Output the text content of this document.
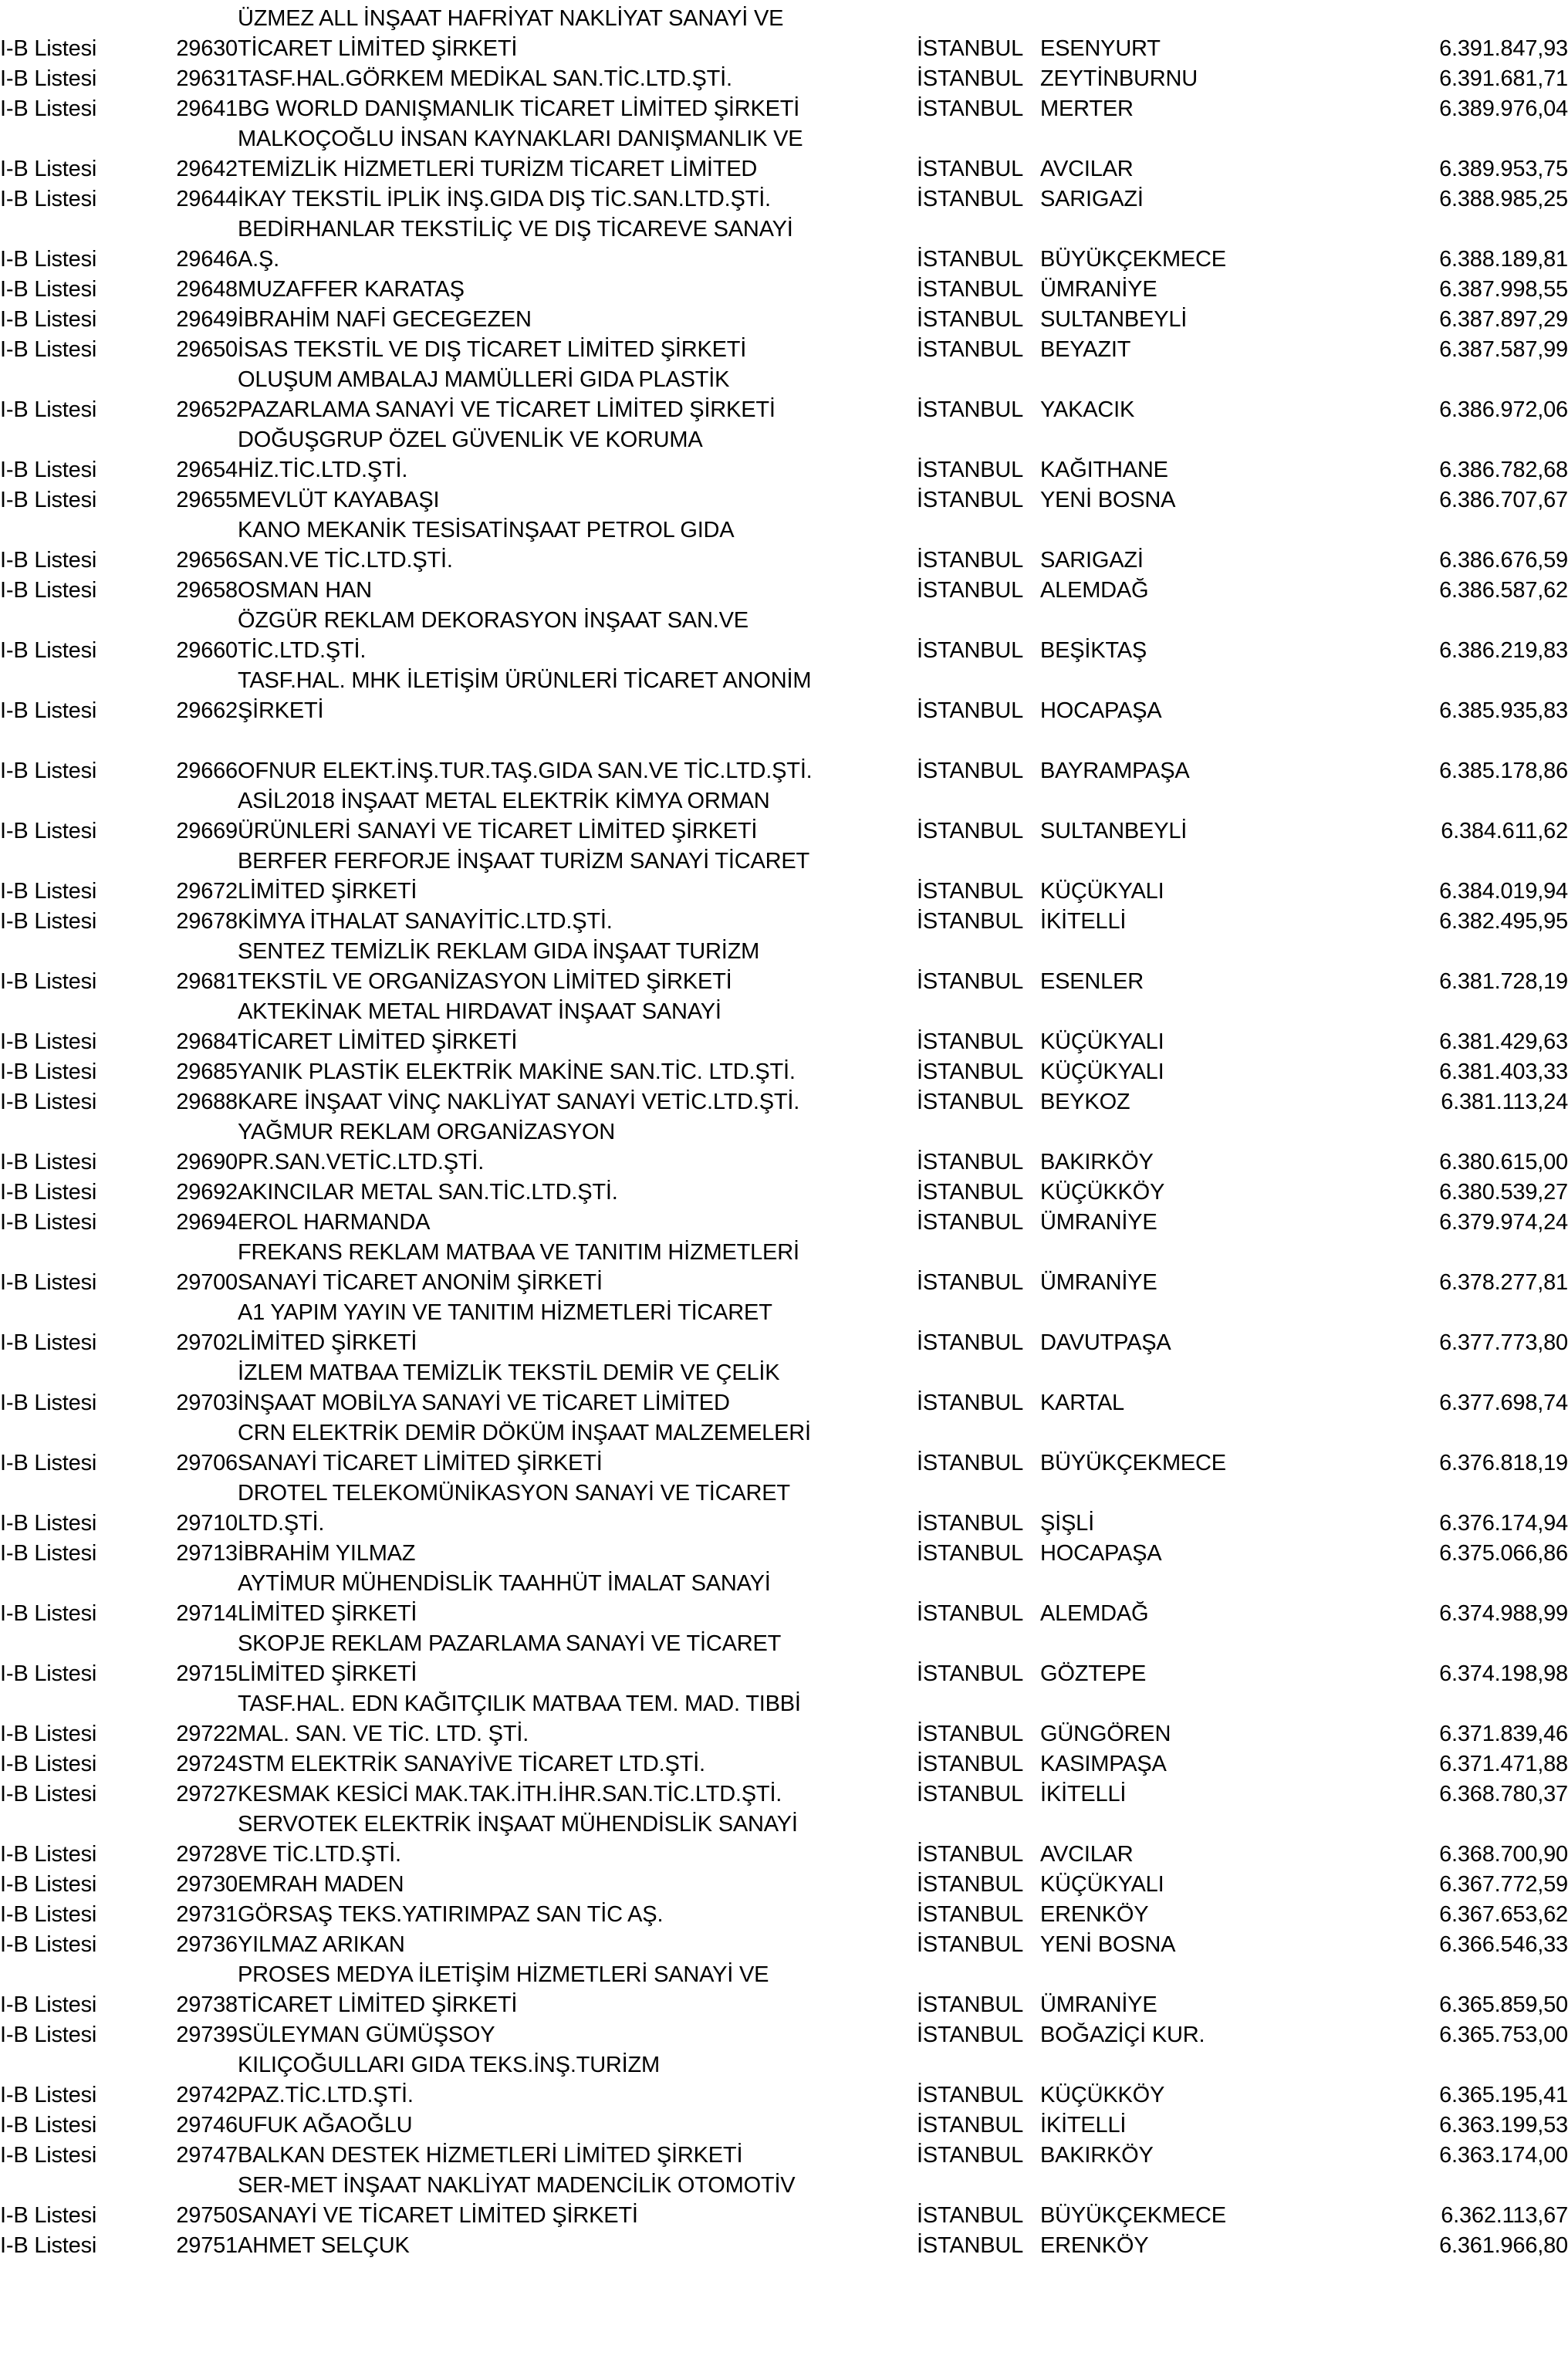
		ÜZMEZ ALL İNŞAAT HAFRİYAT NAKLİYAT SANAYİ VE			
I-B Listesi	29630	TİCARET LİMİTED ŞİRKETİ	İSTANBUL	ESENYURT	6.391.847,93
I-B Listesi	29631	TASF.HAL.GÖRKEM MEDİKAL SAN.TİC.LTD.ŞTİ.	İSTANBUL	ZEYTİNBURNU	6.391.681,71
I-B Listesi	29641	BG WORLD DANIŞMANLIK TİCARET LİMİTED ŞİRKETİ	İSTANBUL	MERTER	6.389.976,04
		MALKOÇOĞLU İNSAN KAYNAKLARI DANIŞMANLIK VE			
I-B Listesi	29642	TEMİZLİK HİZMETLERİ TURİZM TİCARET LİMİTED	İSTANBUL	AVCILAR	6.389.953,75
I-B Listesi	29644	İKAY TEKSTİL İPLİK İNŞ.GIDA DIŞ TİC.SAN.LTD.ŞTİ.	İSTANBUL	SARIGAZİ	6.388.985,25
		BEDİRHANLAR TEKSTİLİÇ VE DIŞ TİCAREVE SANAYİ			
I-B Listesi	29646	A.Ş.	İSTANBUL	BÜYÜKÇEKMECE	6.388.189,81
I-B Listesi	29648	MUZAFFER KARATAŞ	İSTANBUL	ÜMRANİYE	6.387.998,55
I-B Listesi	29649	İBRAHİM NAFİ GECEGEZEN	İSTANBUL	SULTANBEYLİ	6.387.897,29
I-B Listesi	29650	İSAS TEKSTİL VE DIŞ TİCARET LİMİTED ŞİRKETİ	İSTANBUL	BEYAZIT	6.387.587,99
		OLUŞUM AMBALAJ MAMÜLLERİ GIDA PLASTİK			
I-B Listesi	29652	PAZARLAMA SANAYİ VE TİCARET LİMİTED ŞİRKETİ	İSTANBUL	YAKACIK	6.386.972,06
		DOĞUŞGRUP ÖZEL GÜVENLİK VE KORUMA			
I-B Listesi	29654	HİZ.TİC.LTD.ŞTİ.	İSTANBUL	KAĞITHANE	6.386.782,68
I-B Listesi	29655	MEVLÜT KAYABAŞI	İSTANBUL	YENİ BOSNA	6.386.707,67
		KANO MEKANİK TESİSATİNŞAAT PETROL GIDA			
I-B Listesi	29656	SAN.VE TİC.LTD.ŞTİ.	İSTANBUL	SARIGAZİ	6.386.676,59
I-B Listesi	29658	OSMAN HAN	İSTANBUL	ALEMDAĞ	6.386.587,62
		ÖZGÜR REKLAM DEKORASYON İNŞAAT SAN.VE			
I-B Listesi	29660	TİC.LTD.ŞTİ.	İSTANBUL	BEŞİKTAŞ	6.386.219,83
		TASF.HAL. MHK İLETİŞİM ÜRÜNLERİ TİCARET ANONİM			
I-B Listesi	29662	ŞİRKETİ	İSTANBUL	HOCAPAŞA	6.385.935,83

I-B Listesi	29666	OFNUR ELEKT.İNŞ.TUR.TAŞ.GIDA SAN.VE TİC.LTD.ŞTİ.	İSTANBUL	BAYRAMPAŞA	6.385.178,86
		ASİL2018 İNŞAAT METAL ELEKTRİK KİMYA ORMAN			
I-B Listesi	29669	ÜRÜNLERİ SANAYİ VE TİCARET LİMİTED ŞİRKETİ	İSTANBUL	SULTANBEYLİ	6.384.611,62
		BERFER FERFORJE İNŞAAT TURİZM SANAYİ TİCARET			
I-B Listesi	29672	LİMİTED ŞİRKETİ	İSTANBUL	KÜÇÜKYALI	6.384.019,94
I-B Listesi	29678	KİMYA İTHALAT SANAYİTİC.LTD.ŞTİ.	İSTANBUL	İKİTELLİ	6.382.495,95
		SENTEZ TEMİZLİK REKLAM GIDA İNŞAAT TURİZM			
I-B Listesi	29681	TEKSTİL VE ORGANİZASYON LİMİTED ŞİRKETİ	İSTANBUL	ESENLER	6.381.728,19
		AKTEKİNAK METAL HIRDAVAT İNŞAAT SANAYİ			
I-B Listesi	29684	TİCARET LİMİTED ŞİRKETİ	İSTANBUL	KÜÇÜKYALI	6.381.429,63
I-B Listesi	29685	YANIK PLASTİK ELEKTRİK MAKİNE SAN.TİC. LTD.ŞTİ.	İSTANBUL	KÜÇÜKYALI	6.381.403,33
I-B Listesi	29688	KARE İNŞAAT VİNÇ NAKLİYAT SANAYİ VETİC.LTD.ŞTİ.	İSTANBUL	BEYKOZ	6.381.113,24
		YAĞMUR REKLAM ORGANİZASYON			
I-B Listesi	29690	PR.SAN.VETİC.LTD.ŞTİ.	İSTANBUL	BAKIRKÖY	6.380.615,00
I-B Listesi	29692	AKINCILAR METAL SAN.TİC.LTD.ŞTİ.	İSTANBUL	KÜÇÜKKÖY	6.380.539,27
I-B Listesi	29694	EROL HARMANDA	İSTANBUL	ÜMRANİYE	6.379.974,24
		FREKANS REKLAM MATBAA VE TANITIM HİZMETLERİ			
I-B Listesi	29700	SANAYİ TİCARET ANONİM ŞİRKETİ	İSTANBUL	ÜMRANİYE	6.378.277,81
		A1 YAPIM YAYIN VE TANITIM HİZMETLERİ TİCARET			
I-B Listesi	29702	LİMİTED ŞİRKETİ	İSTANBUL	DAVUTPAŞA	6.377.773,80
		İZLEM MATBAA TEMİZLİK TEKSTİL DEMİR VE ÇELİK			
I-B Listesi	29703	İNŞAAT MOBİLYA SANAYİ VE TİCARET LİMİTED	İSTANBUL	KARTAL	6.377.698,74
		CRN ELEKTRİK DEMİR DÖKÜM İNŞAAT MALZEMELERİ			
I-B Listesi	29706	SANAYİ TİCARET LİMİTED ŞİRKETİ	İSTANBUL	BÜYÜKÇEKMECE	6.376.818,19
		DROTEL TELEKOMÜNİKASYON SANAYİ VE TİCARET			
I-B Listesi	29710	LTD.ŞTİ.	İSTANBUL	ŞİŞLİ	6.376.174,94
I-B Listesi	29713	İBRAHİM YILMAZ	İSTANBUL	HOCAPAŞA	6.375.066,86
		AYTİMUR MÜHENDİSLİK TAAHHÜT İMALAT SANAYİ			
I-B Listesi	29714	LİMİTED ŞİRKETİ	İSTANBUL	ALEMDAĞ	6.374.988,99
		SKOPJE REKLAM PAZARLAMA SANAYİ VE TİCARET			
I-B Listesi	29715	LİMİTED ŞİRKETİ	İSTANBUL	GÖZTEPE	6.374.198,98
		TASF.HAL. EDN KAĞITÇILIK MATBAA TEM. MAD. TIBBİ			
I-B Listesi	29722	MAL. SAN. VE TİC. LTD. ŞTİ.	İSTANBUL	GÜNGÖREN	6.371.839,46
I-B Listesi	29724	STM ELEKTRİK SANAYİVE TİCARET LTD.ŞTİ.	İSTANBUL	KASIMPAŞA	6.371.471,88
I-B Listesi	29727	KESMAK KESİCİ MAK.TAK.İTH.İHR.SAN.TİC.LTD.ŞTİ.	İSTANBUL	İKİTELLİ	6.368.780,37
		SERVOTEK ELEKTRİK İNŞAAT MÜHENDİSLİK SANAYİ			
I-B Listesi	29728	VE TİC.LTD.ŞTİ.	İSTANBUL	AVCILAR	6.368.700,90
I-B Listesi	29730	EMRAH MADEN	İSTANBUL	KÜÇÜKYALI	6.367.772,59
I-B Listesi	29731	GÖRSAŞ TEKS.YATIRIMPAZ SAN TİC AŞ.	İSTANBUL	ERENKÖY	6.367.653,62
I-B Listesi	29736	YILMAZ ARIKAN	İSTANBUL	YENİ BOSNA	6.366.546,33
		PROSES MEDYA İLETİŞİM HİZMETLERİ SANAYİ VE			
I-B Listesi	29738	TİCARET LİMİTED ŞİRKETİ	İSTANBUL	ÜMRANİYE	6.365.859,50
I-B Listesi	29739	SÜLEYMAN GÜMÜŞSOY	İSTANBUL	BOĞAZİÇİ KUR.	6.365.753,00
		KILIÇOĞULLARI GIDA TEKS.İNŞ.TURİZM			
I-B Listesi	29742	PAZ.TİC.LTD.ŞTİ.	İSTANBUL	KÜÇÜKKÖY	6.365.195,41
I-B Listesi	29746	UFUK AĞAOĞLU	İSTANBUL	İKİTELLİ	6.363.199,53
I-B Listesi	29747	BALKAN DESTEK HİZMETLERİ LİMİTED ŞİRKETİ	İSTANBUL	BAKIRKÖY	6.363.174,00
		SER-MET İNŞAAT NAKLİYAT MADENCİLİK OTOMOTİV			
I-B Listesi	29750	SANAYİ VE TİCARET LİMİTED ŞİRKETİ	İSTANBUL	BÜYÜKÇEKMECE	6.362.113,67
I-B Listesi	29751	AHMET SELÇUK	İSTANBUL	ERENKÖY	6.361.966,80
